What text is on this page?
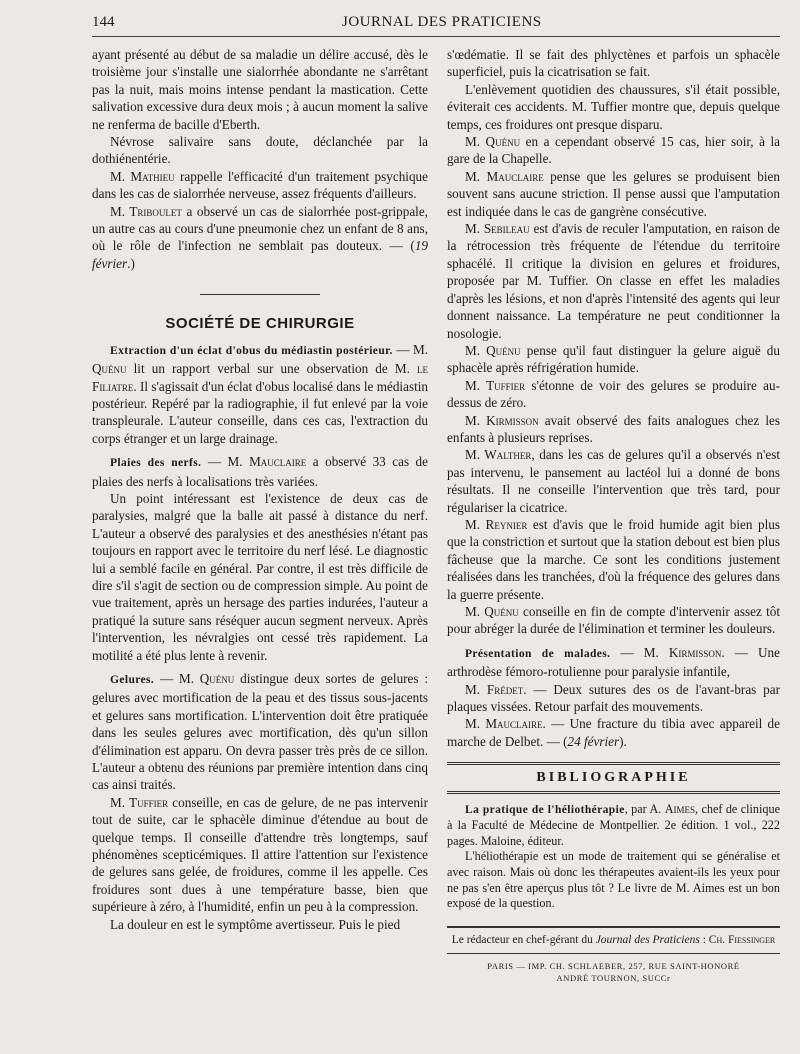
144	JOURNAL DES PRATICIENS

ayant présenté au début de sa maladie un délire accusé, dès le troisième jour s'installe une sialorrhée abondante ne s'arrêtant pas la nuit, mais moins intense pendant la mastication. Cette salivation excessive dura deux mois ; à aucun moment la salive ne renferma de bacille d'Eberth.

Névrose salivaire sans doute, déclanchée par la dothiénentérie.

M. Mathieu rappelle l'efficacité d'un traitement psychique dans les cas de sialorrhée nerveuse, assez fréquents d'ailleurs.

M. Triboulet a observé un cas de sialorrhée post-grippale, un autre cas au cours d'une pneumonie chez un enfant de 8 ans, où le rôle de l'infection ne semblait pas douteux. — (19 février.)

SOCIÉTÉ DE CHIRURGIE

Extraction d'un éclat d'obus du médiastin postérieur. — M. Quénu lit un rapport verbal sur une observation de M. le Filiatre. Il s'agissait d'un éclat d'obus localisé dans le médiastin postérieur. Repéré par la radiographie, il fut enlevé par la voie transpleurale. L'auteur conseille, dans ces cas, l'extraction du corps étranger et un large drainage.

Plaies des nerfs. — M. Mauclaire a observé 33 cas de plaies des nerfs à localisations très variées.

Un point intéressant est l'existence de deux cas de paralysies, malgré que la balle ait passé à distance du nerf. L'auteur a observé des paralysies et des anesthésies n'étant pas toujours en rapport avec le territoire du nerf lésé. Le diagnostic lui a semblé facile en général. Par contre, il est très difficile de dire s'il s'agit de section ou de compression simple. Au point de vue traitement, après un hersage des parties indurées, l'auteur a pratiqué la suture sans réséquer aucun segment nerveux. Après l'intervention, les névralgies ont cessé très rapidement. La motilité a été plus lente à revenir.

Gelures. — M. Quénu distingue deux sortes de gelures : gelures avec mortification de la peau et des tissus sous-jacents et gelures sans mortification. L'intervention doit être pratiquée dans les seules gelures avec mortification, dès qu'un sillon d'élimination est apparu. On devra passer très près de ce sillon. L'auteur a obtenu des réunions par première intention dans cinq cas ainsi traités.

M. Tuffier conseille, en cas de gelure, de ne pas intervenir tout de suite, car le sphacèle diminue d'étendue au bout de quelque temps. Il conseille d'attendre très longtemps, sauf phénomènes scepticémiques. Il attire l'attention sur l'existence de gelures sans gelée, de froidures, comme il les appelle. Ces froidures sont dues à une température basse, bien que supérieure à zéro, à l'humidité, enfin un peu à la compression.

La douleur en est le symptôme avertisseur. Puis le pied

s'œdématie. Il se fait des phlyctènes et parfois un sphacèle superficiel, puis la cicatrisation se fait.

L'enlèvement quotidien des chaussures, s'il était possible, éviterait ces accidents. M. Tuffier montre que, depuis quelque temps, ces froidures ont presque disparu.

M. Quénu en a cependant observé 15 cas, hier soir, à la gare de la Chapelle.

M. Mauclaire pense que les gelures se produisent bien souvent sans aucune striction. Il pense aussi que l'amputation est indiquée dans le cas de gangrène consécutive.

M. Sebileau est d'avis de reculer l'amputation, en raison de la rétrocession très fréquente de l'étendue du territoire sphacélé. Il critique la division en gelures et froidures, proposée par M. Tuffier. On classe en effet les maladies d'après les lésions, et non d'après l'intensité des agents qui leur donnent naissance. La température ne peut conditionner la nosologie.

M. Quénu pense qu'il faut distinguer la gelure aiguë du sphacèle après réfrigération humide.

M. Tuffier s'étonne de voir des gelures se produire au-dessus de zéro.

M. Kirmisson avait observé des faits analogues chez les enfants à plusieurs reprises.

M. Walther, dans les cas de gelures qu'il a observés n'est pas intervenu, le pansement au lactéol lui a donné de bons résultats. Il ne conseille l'intervention que très tard, pour régulariser la cicatrice.

M. Reynier est d'avis que le froid humide agit bien plus que la constriction et surtout que la station debout est bien plus fâcheuse que la marche. Ce sont les conditions justement réalisées dans les tranchées, d'où la fréquence des gelures dans la guerre présente.

M. Quénu conseille en fin de compte d'intervenir assez tôt pour abréger la durée de l'élimination et terminer les douleurs.

Présentation de malades. — M. Kirmisson. — Une arthrodèse fémoro-rotulienne pour paralysie infantile,

M. Frédet. — Deux sutures des os de l'avant-bras par plaques vissées. Retour parfait des mouvements.

M. Mauclaire. — Une fracture du tibia avec appareil de marche de Delbet. — (24 février).

BIBLIOGRAPHIE

La pratique de l'héliothérapie, par A. Aimes, chef de clinique à la Faculté de Médecine de Montpellier. 2e édition. 1 vol., 222 pages. Maloine, éditeur.

L'héliothérapie est un mode de traitement qui se généralise et avec raison. Mais où donc les thérapeutes avaient-ils les yeux pour ne pas s'en être aperçus plus tôt ? Le livre de M. Aimes est un bon exposé de la question.

Le rédacteur en chef-gérant du Journal des Praticiens : Ch. Fiessinger
PARIS — IMP. CH. SCHLAEBER, 257, RUE SAINT-HONORÉ
ANDRÉ TOURNON, SUCCr
